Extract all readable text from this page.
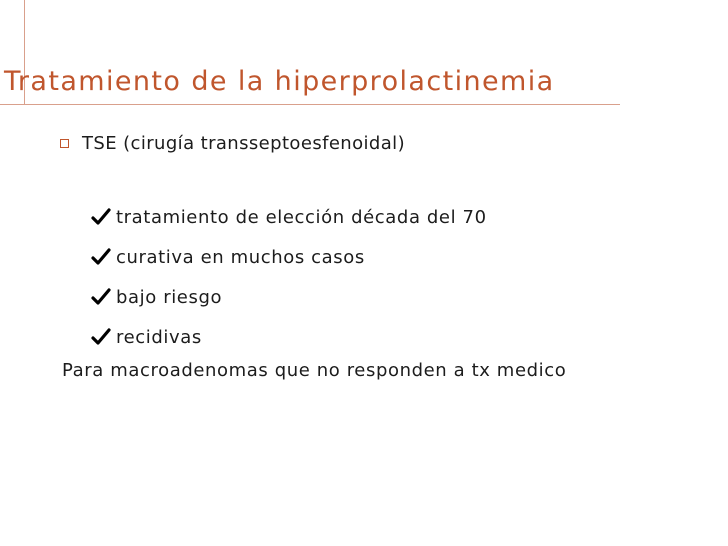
Tratamiento de la hiperprolactinemia
TSE (cirugía transseptoesfenoidal)
tratamiento de elección década del 70
curativa en muchos casos
bajo riesgo
recidivas
Para macroadenomas que no responden a tx medico
